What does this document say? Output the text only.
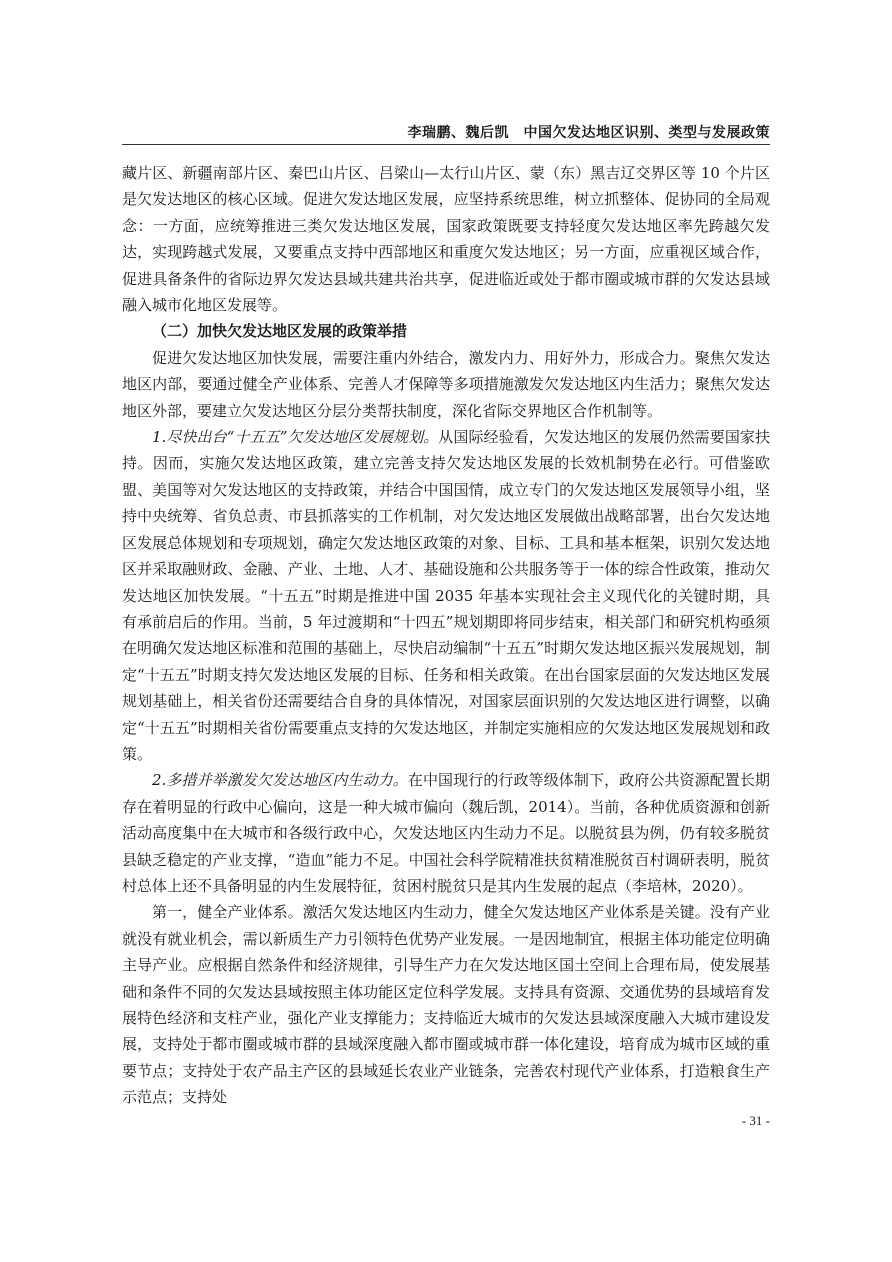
李瑞鹏、魏后凯　中国欠发达地区识别、类型与发展政策

藏片区、新疆南部片区、秦巴山片区、吕梁山—太行山片区、蒙（东）黑吉辽交界区等 10 个片区是欠发达地区的核心区域。促进欠发达地区发展，应坚持系统思维，树立抓整体、促协同的全局观念：一方面，应统筹推进三类欠发达地区发展，国家政策既要支持轻度欠发达地区率先跨越欠发达，实现跨越式发展，又要重点支持中西部地区和重度欠发达地区；另一方面，应重视区域合作，促进具备条件的省际边界欠发达县域共建共治共享，促进临近或处于都市圈或城市群的欠发达县域融入城市化地区发展等。

（二）加快欠发达地区发展的政策举措

促进欠发达地区加快发展，需要注重内外结合，激发内力、用好外力，形成合力。聚焦欠发达地区内部，要通过健全产业体系、完善人才保障等多项措施激发欠发达地区内生活力；聚焦欠发达地区外部，要建立欠发达地区分层分类帮扶制度，深化省际交界地区合作机制等。

1.尽快出台“十五五”欠发达地区发展规划。从国际经验看，欠发达地区的发展仍然需要国家扶持。因而，实施欠发达地区政策，建立完善支持欠发达地区发展的长效机制势在必行。可借鉴欧盟、美国等对欠发达地区的支持政策，并结合中国国情，成立专门的欠发达地区发展领导小组，坚持中央统筹、省负总责、市县抓落实的工作机制，对欠发达地区发展做出战略部署，出台欠发达地区发展总体规划和专项规划，确定欠发达地区政策的对象、目标、工具和基本框架，识别欠发达地区并采取融财政、金融、产业、土地、人才、基础设施和公共服务等于一体的综合性政策，推动欠发达地区加快发展。“十五五”时期是推进中国 2035 年基本实现社会主义现代化的关键时期，具有承前启后的作用。当前，5 年过渡期和“十四五”规划期即将同步结束，相关部门和研究机构亟须在明确欠发达地区标准和范围的基础上，尽快启动编制“十五五”时期欠发达地区振兴发展规划，制定“十五五”时期支持欠发达地区发展的目标、任务和相关政策。在出台国家层面的欠发达地区发展规划基础上，相关省份还需要结合自身的具体情况，对国家层面识别的欠发达地区进行调整，以确定“十五五”时期相关省份需要重点支持的欠发达地区，并制定实施相应的欠发达地区发展规划和政策。

2.多措并举激发欠发达地区内生动力。在中国现行的行政等级体制下，政府公共资源配置长期存在着明显的行政中心偏向，这是一种大城市偏向（魏后凯，2014）。当前，各种优质资源和创新活动高度集中在大城市和各级行政中心，欠发达地区内生动力不足。以脱贫县为例，仍有较多脱贫县缺乏稳定的产业支撑，“造血”能力不足。中国社会科学院精准扶贫精准脱贫百村调研表明，脱贫村总体上还不具备明显的内生发展特征，贫困村脱贫只是其内生发展的起点（李培林，2020）。

第一，健全产业体系。激活欠发达地区内生动力，健全欠发达地区产业体系是关键。没有产业就没有就业机会，需以新质生产力引领特色优势产业发展。一是因地制宜，根据主体功能定位明确主导产业。应根据自然条件和经济规律，引导生产力在欠发达地区国土空间上合理布局，使发展基础和条件不同的欠发达县域按照主体功能区定位科学发展。支持具有资源、交通优势的县域培育发展特色经济和支柱产业，强化产业支撑能力；支持临近大城市的欠发达县域深度融入大城市建设发展，支持处于都市圈或城市群的县域深度融入都市圈或城市群一体化建设，培育成为城市区域的重要节点；支持处于农产品主产区的县域延长农业产业链条，完善农村现代产业体系，打造粮食生产示范点；支持处

- 31 -
